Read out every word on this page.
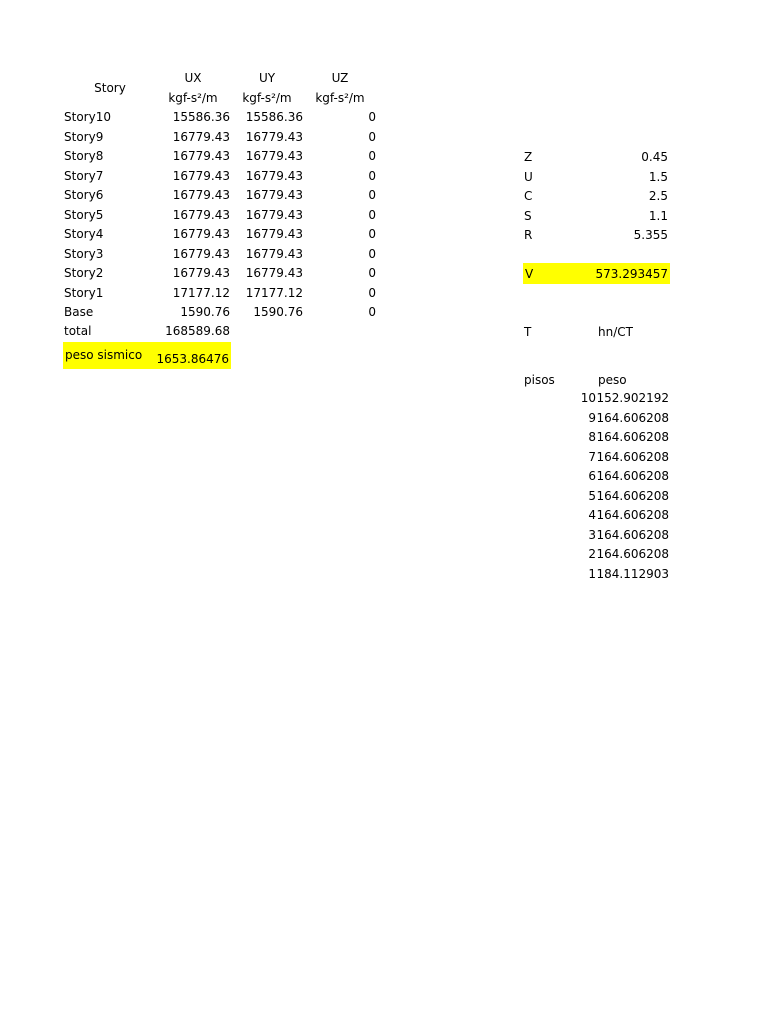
Story
UX	UY	UZ
kgf-s²/m	kgf-s²/m	kgf-s²/m
Story10	15586.36	15586.36	0
Story9	16779.43	16779.43	0
Story8	16779.43	16779.43	0
Story7	16779.43	16779.43	0
Story6	16779.43	16779.43	0
Story5	16779.43	16779.43	0
Story4	16779.43	16779.43	0
Story3	16779.43	16779.43	0
Story2	16779.43	16779.43	0
Story1	17177.12	17177.12	0
Base	1590.76	1590.76	0
total	168589.68
peso sismico	1653.86476
Z	0.45
U	1.5
C	2.5
S	1.1
R	5.355
V	573.293457
T	hn/CT
pisos	peso
10 152.902192
9 164.606208
8 164.606208
7 164.606208
6 164.606208
5 164.606208
4 164.606208
3 164.606208
2 164.606208
1 184.112903
